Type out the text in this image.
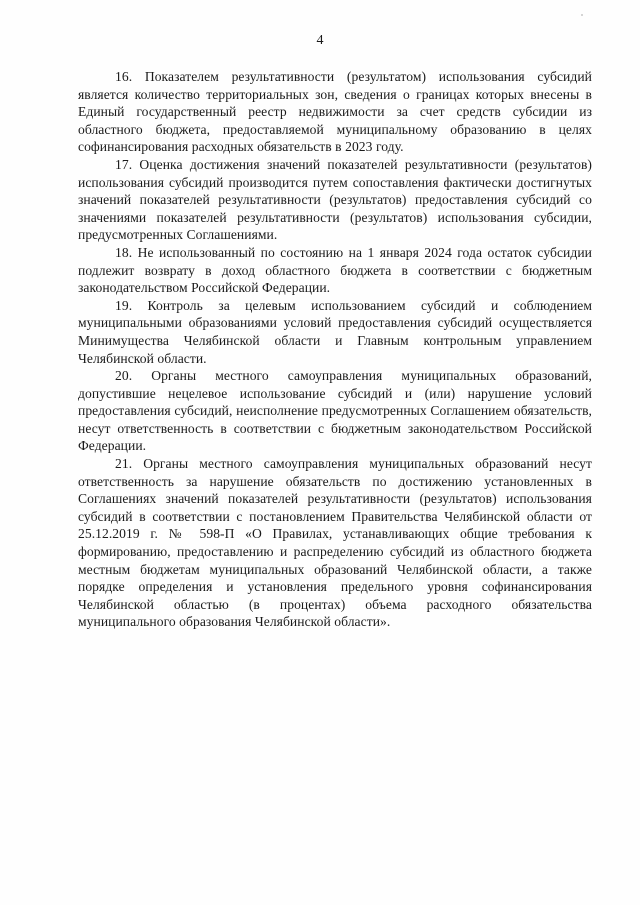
4

16. Показателем результативности (результатом) использования субсидий является количество территориальных зон, сведения о границах которых внесены в Единый государственный реестр недвижимости за счет средств субсидии из областного бюджета, предоставляемой муниципальному образованию в целях софинансирования расходных обязательств в 2023 году.

17. Оценка достижения значений показателей результативности (результатов) использования субсидий производится путем сопоставления фактически достигнутых значений показателей результативности (результатов) предоставления субсидий со значениями показателей результативности (результатов) использования субсидии, предусмотренных Соглашениями.

18. Не использованный по состоянию на 1 января 2024 года остаток субсидии подлежит возврату в доход областного бюджета в соответствии с бюджетным законодательством Российской Федерации.

19. Контроль за целевым использованием субсидий и соблюдением муниципальными образованиями условий предоставления субсидий осуществляется Минимущества Челябинской области и Главным контрольным управлением Челябинской области.

20. Органы местного самоуправления муниципальных образований, допустившие нецелевое использование субсидий и (или) нарушение условий предоставления субсидий, неисполнение предусмотренных Соглашением обязательств, несут ответственность в соответствии с бюджетным законодательством Российской Федерации.

21. Органы местного самоуправления муниципальных образований несут ответственность за нарушение обязательств по достижению установленных в Соглашениях значений показателей результативности (результатов) использования субсидий в соответствии с постановлением Правительства Челябинской области от 25.12.2019 г. № 598-П «О Правилах, устанавливающих общие требования к формированию, предоставлению и распределению субсидий из областного бюджета местным бюджетам муниципальных образований Челябинской области, а также порядке определения и установления предельного уровня софинансирования Челябинской областью (в процентах) объема расходного обязательства муниципального образования Челябинской области».
